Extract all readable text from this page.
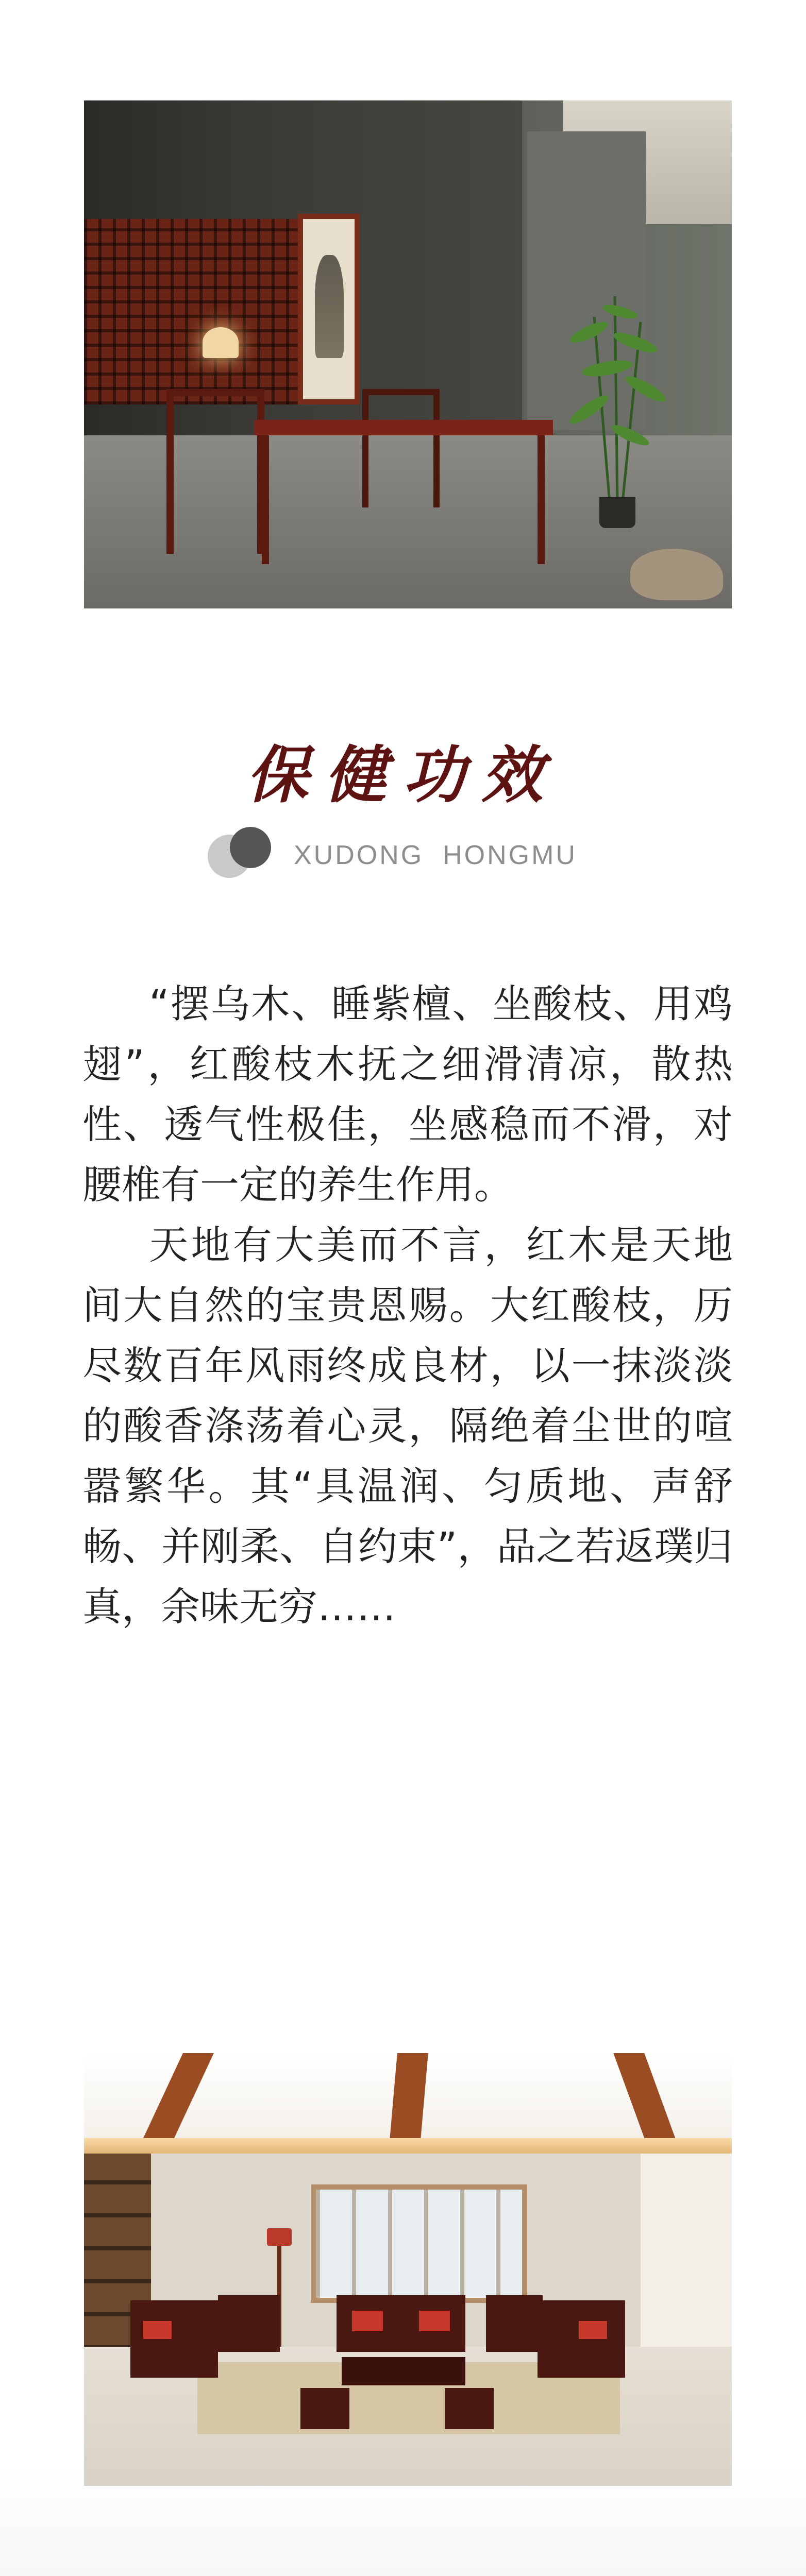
保健功效
XUDONG  HONGMU

“摆乌木、睡紫檀、坐酸枝、用鸡翅”，红酸枝木抚之细滑清凉，散热性、透气性极佳，坐感稳而不滑，对腰椎有一定的养生作用。

天地有大美而不言，红木是天地间大自然的宝贵恩赐。大红酸枝，历尽数百年风雨终成良材，以一抹淡淡的酸香涤荡着心灵，隔绝着尘世的喧嚣繁华。其“具温润、匀质地、声舒畅、并刚柔、自约束”，品之若返璞归真，余味无穷……
